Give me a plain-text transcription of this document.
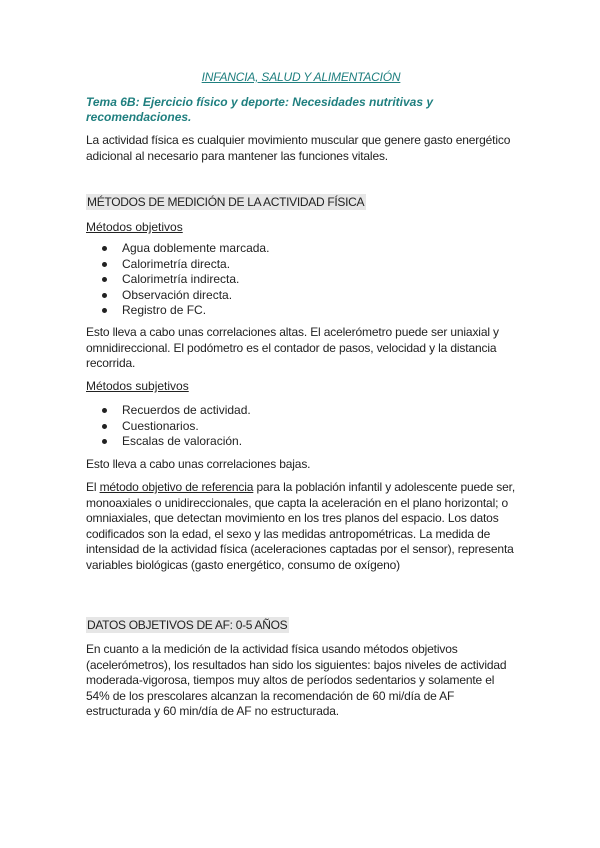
INFANCIA, SALUD Y ALIMENTACIÓN
Tema 6B: Ejercicio físico y deporte: Necesidades nutritivas y recomendaciones.
La actividad física es cualquier movimiento muscular que genere gasto energético adicional al necesario para mantener las funciones vitales.
MÉTODOS DE MEDICIÓN DE LA ACTIVIDAD FÍSICA
Métodos objetivos
Agua doblemente marcada.
Calorimetría directa.
Calorimetría indirecta.
Observación directa.
Registro de FC.
Esto lleva a cabo unas correlaciones altas. El acelerómetro puede ser uniaxial y omnidireccional. El podómetro es el contador de pasos, velocidad y la distancia recorrida.
Métodos subjetivos
Recuerdos de actividad.
Cuestionarios.
Escalas de valoración.
Esto lleva a cabo unas correlaciones bajas.
El método objetivo de referencia para la población infantil y adolescente puede ser, monoaxiales o unidireccionales, que capta la aceleración en el plano horizontal; o omniaxiales, que detectan movimiento en los tres planos del espacio. Los datos codificados son la edad, el sexo y las medidas antropométricas. La medida de intensidad de la actividad física (aceleraciones captadas por el sensor), representa variables biológicas (gasto energético, consumo de oxígeno)
DATOS OBJETIVOS DE AF: 0-5 AÑOS
En cuanto a la medición de la actividad física usando métodos objetivos (acelerómetros), los resultados han sido los siguientes: bajos niveles de actividad moderada-vigorosa, tiempos muy altos de períodos sedentarios y solamente el 54% de los prescolares alcanzan la recomendación de 60 mi/día de AF estructurada y 60 min/día de AF no estructurada.
